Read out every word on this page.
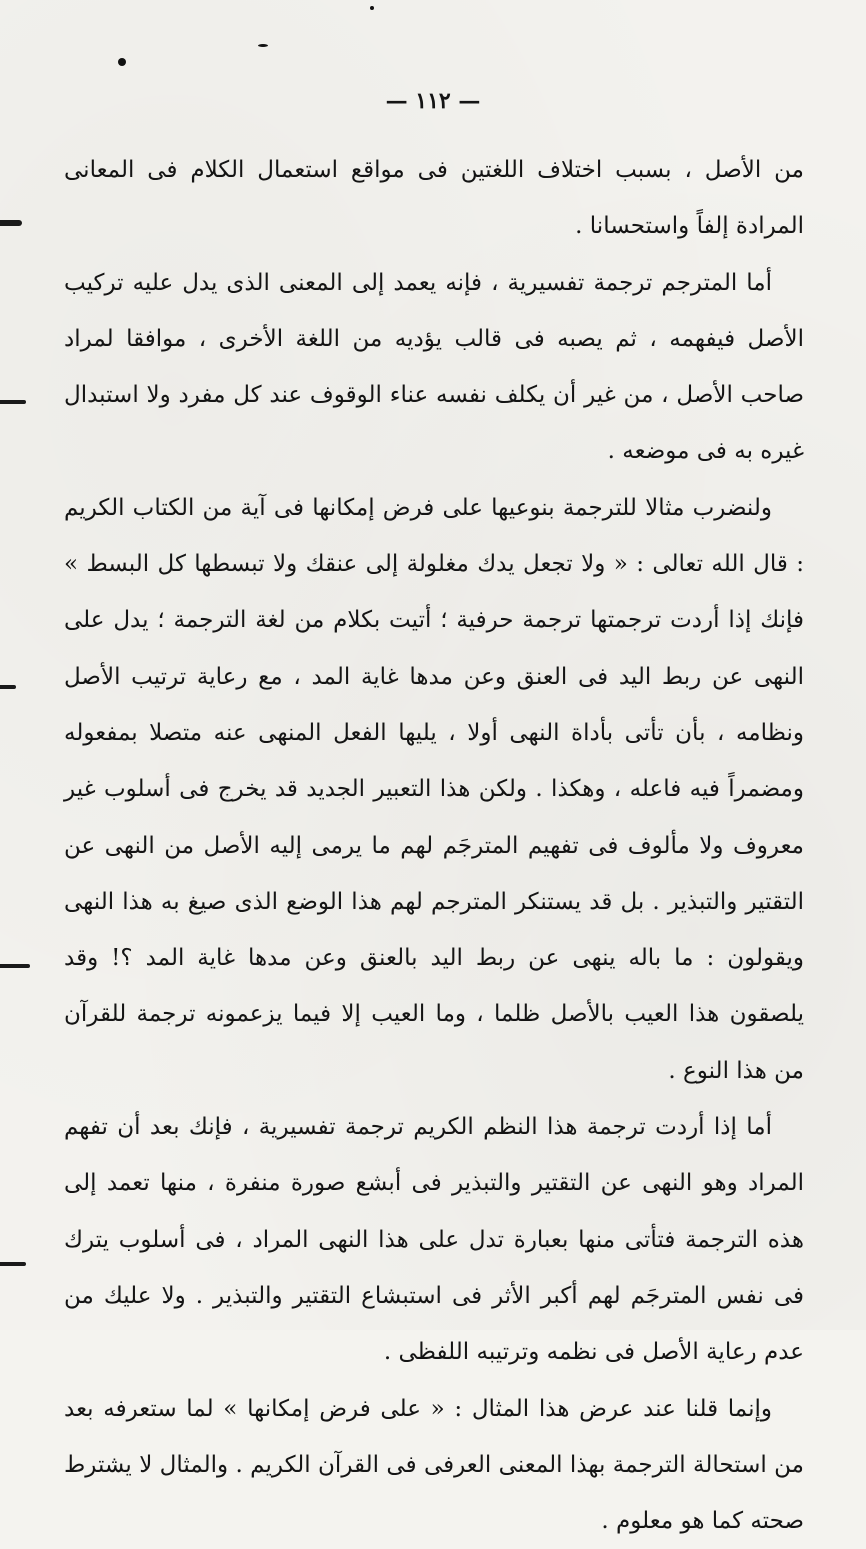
— ١١٢ —

من الأصل ، بسبب اختلاف اللغتين فى مواقع استعمال الكلام فى المعانى المرادة إلفاً واستحسانا .

أما المترجم ترجمة تفسيرية ، فإنه يعمد إلى المعنى الذى يدل عليه تركيب الأصل فيفهمه ، ثم يصبه فى قالب يؤديه من اللغة الأخرى ، موافقا لمراد صاحب الأصل ، من غير أن يكلف نفسه عناء الوقوف عند كل مفرد ولا استبدال غيره به فى موضعه .

ولنضرب مثالا للترجمة بنوعيها على فرض إمكانها فى آية من الكتاب الكريم : قال الله تعالى : « ولا تجعل يدك مغلولة إلى عنقك ولا تبسطها كل البسط » فإنك إذا أردت ترجمتها ترجمة حرفية ؛ أتيت بكلام من لغة الترجمة ؛ يدل على النهى عن ربط اليد فى العنق وعن مدها غاية المد ، مع رعاية ترتيب الأصل ونظامه ، بأن تأتى بأداة النهى أولا ، يليها الفعل المنهى عنه متصلا بمفعوله ومضمراً فيه فاعله ، وهكذا . ولكن هذا التعبير الجديد قد يخرج فى أسلوب غير معروف ولا مألوف فى تفهيم المترجَم لهم ما يرمى إليه الأصل من النهى عن التقتير والتبذير . بل قد يستنكر المترجم لهم هذا الوضع الذى صيغ به هذا النهى ويقولون : ما باله ينهى عن ربط اليد بالعنق وعن مدها غاية المد ؟! وقد يلصقون هذا العيب بالأصل ظلما ، وما العيب إلا فيما يزعمونه ترجمة للقرآن من هذا النوع .

أما إذا أردت ترجمة هذا النظم الكريم ترجمة تفسيرية ، فإنك بعد أن تفهم المراد وهو النهى عن التقتير والتبذير فى أبشع صورة منفرة ، منها تعمد إلى هذه الترجمة فتأتى منها بعبارة تدل على هذا النهى المراد ، فى أسلوب يترك فى نفس المترجَم لهم أكبر الأثر فى استبشاع التقتير والتبذير . ولا عليك من عدم رعاية الأصل فى نظمه وترتيبه اللفظى .

وإنما قلنا عند عرض هذا المثال : « على فرض إمكانها » لما ستعرفه بعد من استحالة الترجمة بهذا المعنى العرفى فى القرآن الكريم . والمثال لا يشترط صحته كما هو معلوم .
